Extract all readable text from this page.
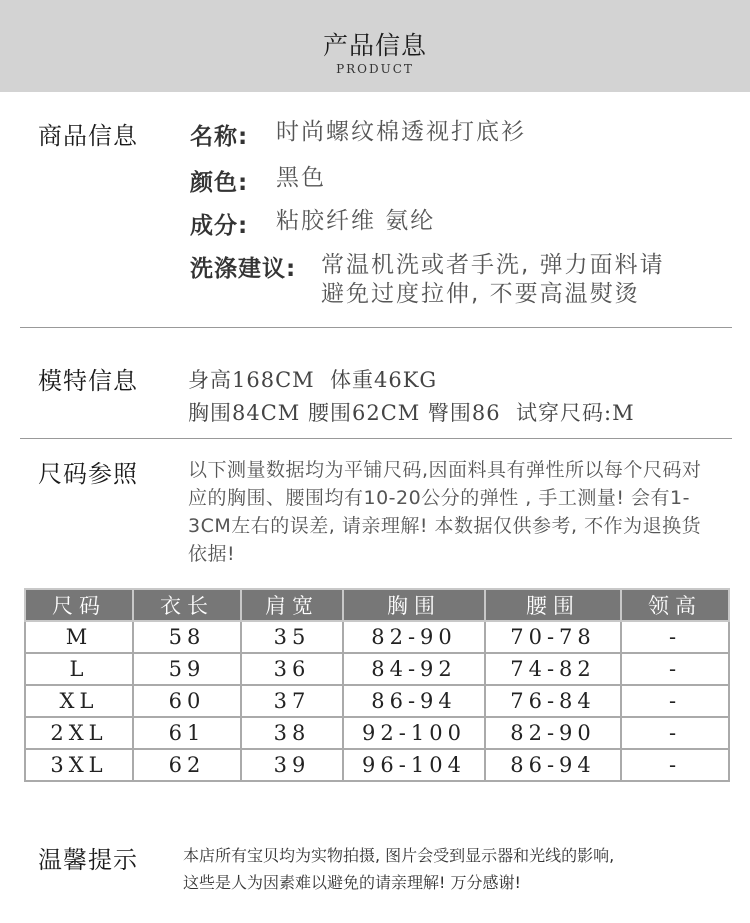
产品信息
PRODUCT
商品信息 名称: 时尚螺纹棉透视打底衫
颜色: 黑色
成分: 粘胶纤维 氨纶
洗涤建议: 常温机洗或者手洗, 弹力面料请
避免过度拉伸, 不要高温熨烫
模特信息 身高168CM  体重46KG
胸围84CM 腰围62CM 臀围86  试穿尺码:M
尺码参照	以下测量数据均为平铺尺码,因面料具有弹性所以每个尺码对应的胸围、腰围均有10-20公分的弹性 , 手工测量! 会有1-3CM左右的误差, 请亲理解! 本数据仅供参考, 不作为退换货依据!
尺码	衣长	肩宽	胸围	腰围	领高
M	58	35	82-90	70-78	-
L	59	36	84-92	74-82	-
XL	60	37	86-94	76-84	-
2XL	61	38	92-100	82-90	-
3XL	62	39	96-104	86-94	-
温馨提示	本店所有宝贝均为实物拍摄, 图片会受到显示器和光线的影响,
这些是人为因素难以避免的请亲理解! 万分感谢!
